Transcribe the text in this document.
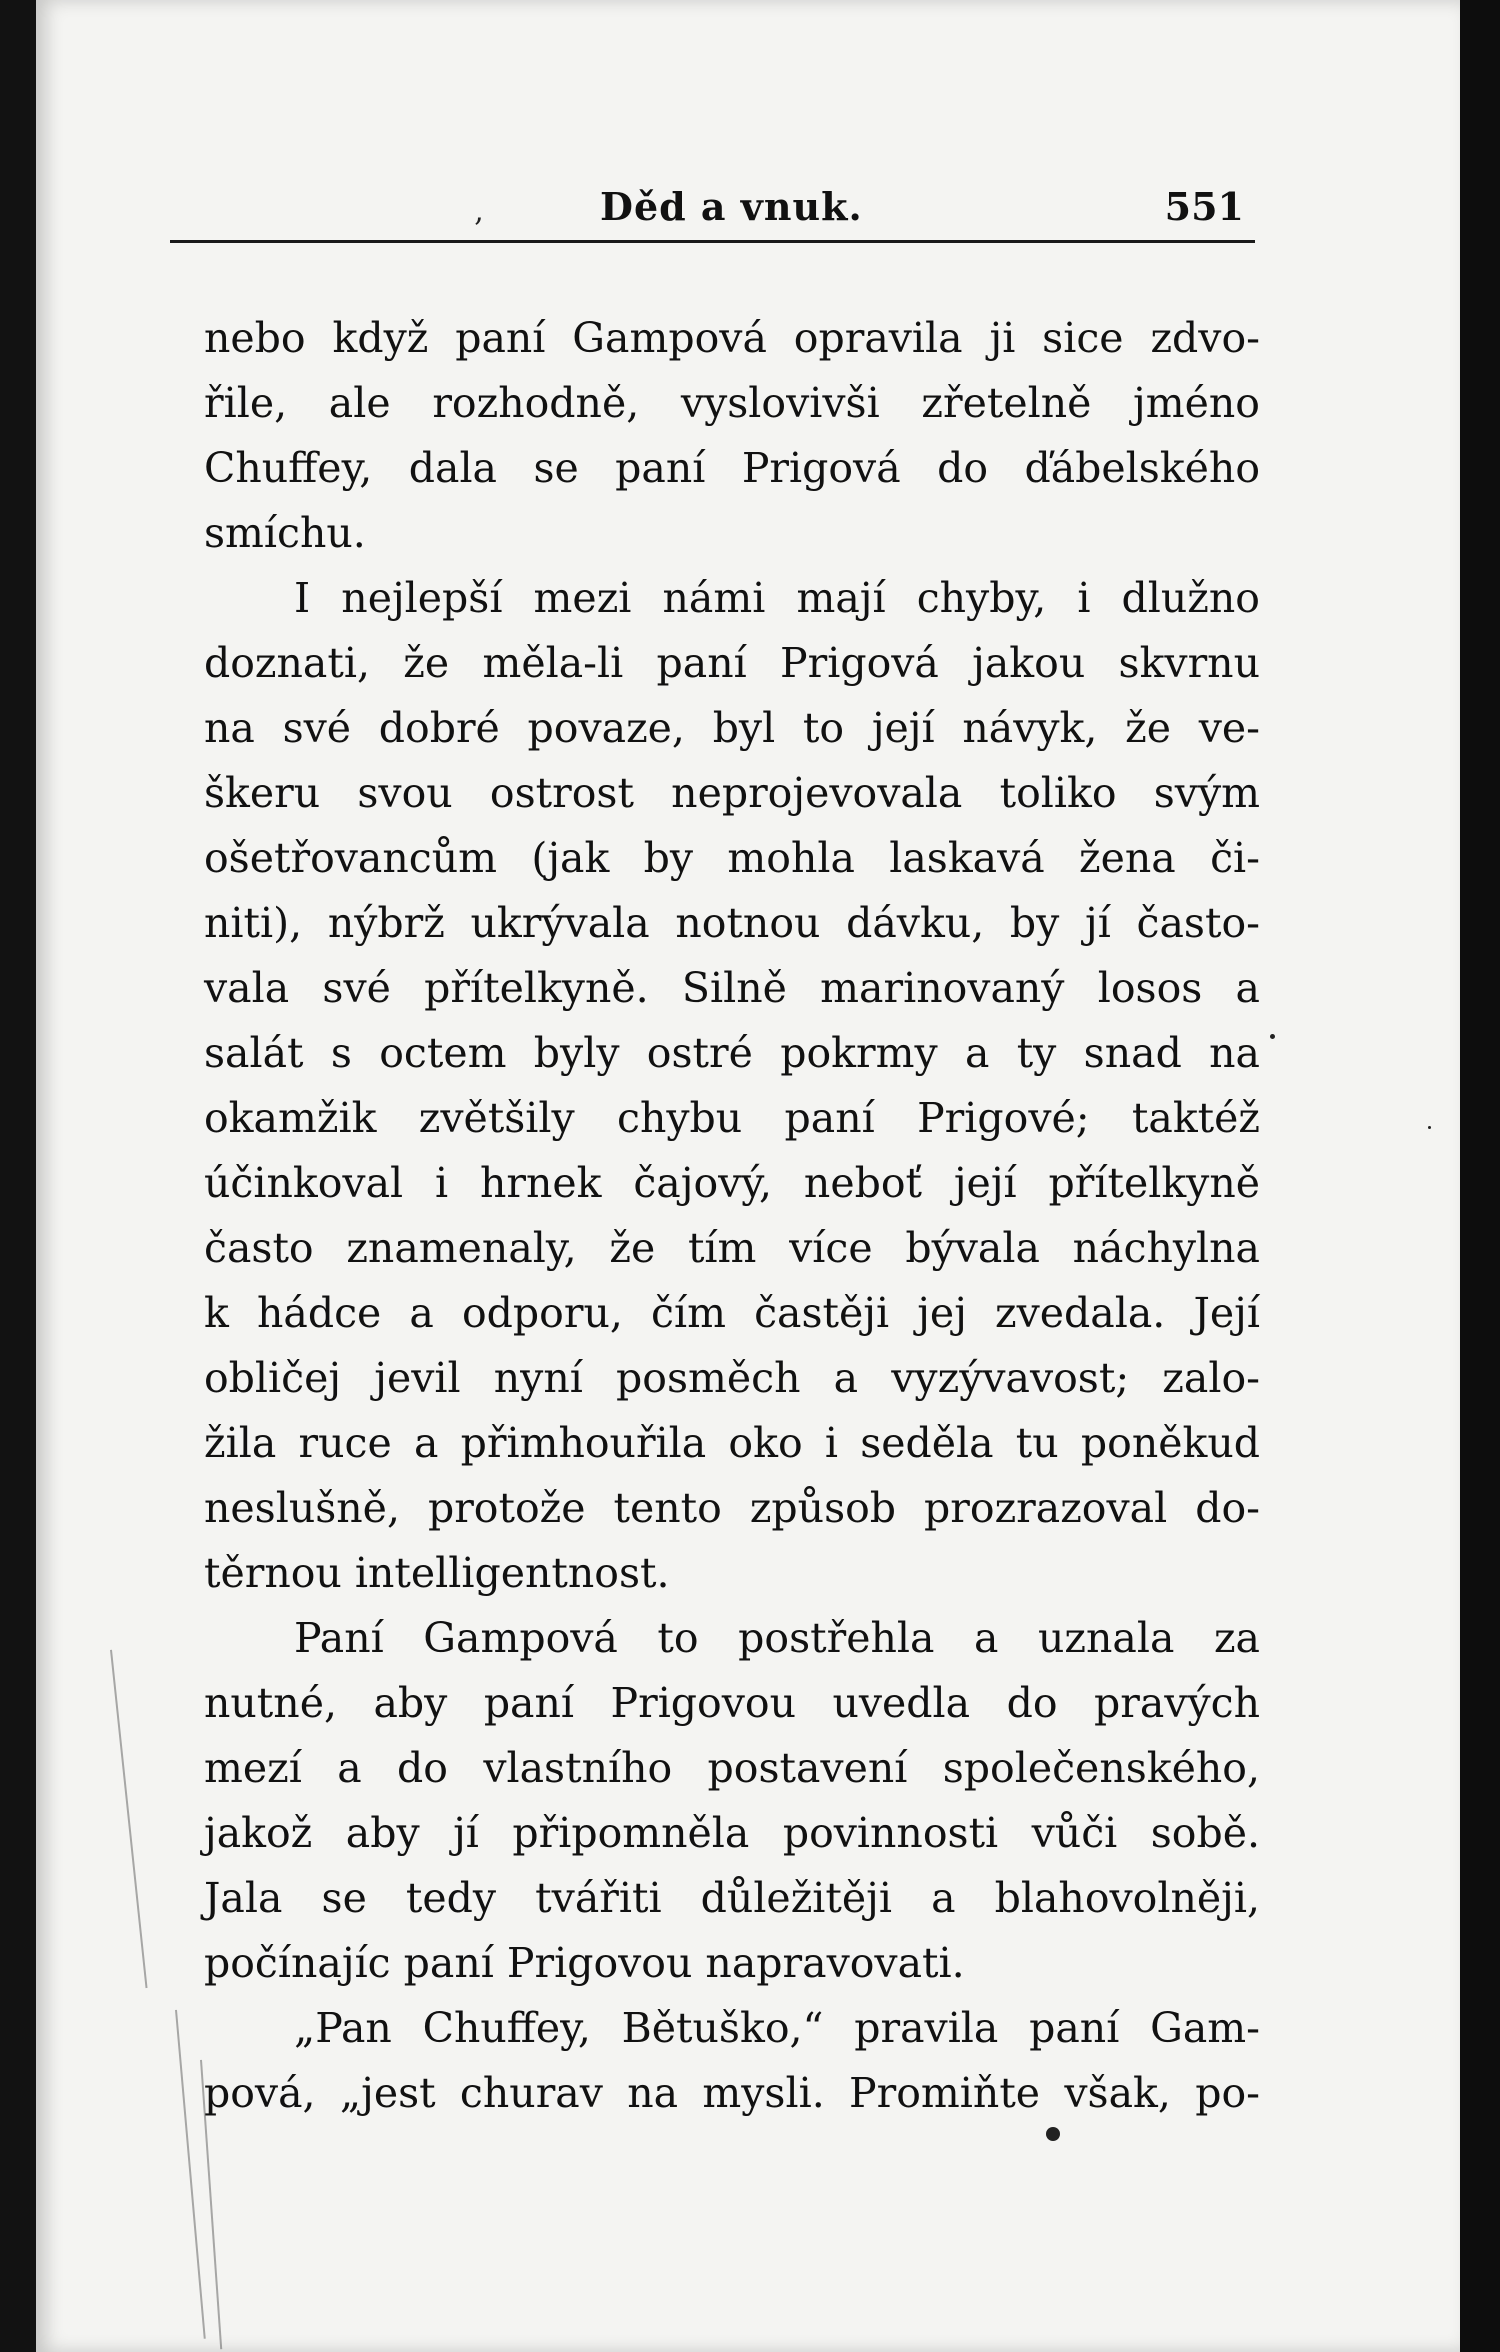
‚	Děd a vnuk.	551
nebo když paní Gampová opravila ji sice zdvo-
řile, ale rozhodně, vyslovivši zřetelně jméno
Chuffey, dala se paní Prigová do ďábelského
smíchu.
I nejlepší mezi námi mají chyby, i dlužno
doznati, že měla-li paní Prigová jakou skvrnu
na své dobré povaze, byl to její návyk, že ve-
škeru svou ostrost neprojevovala toliko svým
ošetřovancům (jak by mohla laskavá žena či-
niti), nýbrž ukrývala notnou dávku, by jí často-
vala své přítelkyně. Silně marinovaný losos a
salát s octem byly ostré pokrmy a ty snad na
okamžik zvětšily chybu paní Prigové; taktéž
účinkoval i hrnek čajový, neboť její přítelkyně
často znamenaly, že tím více bývala náchylna
k hádce a odporu, čím častěji jej zvedala. Její
obličej jevil nyní posměch a vyzývavost; zalo-
žila ruce a přimhouřila oko i seděla tu poněkud
neslušně, protože tento způsob prozrazoval do-
těrnou intelligentnost.
Paní Gampová to postřehla a uznala za
nutné, aby paní Prigovou uvedla do pravých
mezí a do vlastního postavení společenského,
jakož aby jí připomněla povinnosti vůči sobě.
Jala se tedy tvářiti důležitěji a blahovolněji,
počínajíc paní Prigovou napravovati.
„Pan Chuffey, Bětuško,“ pravila paní Gam-
pová, „jest churav na mysli. Promiňte však, po-
